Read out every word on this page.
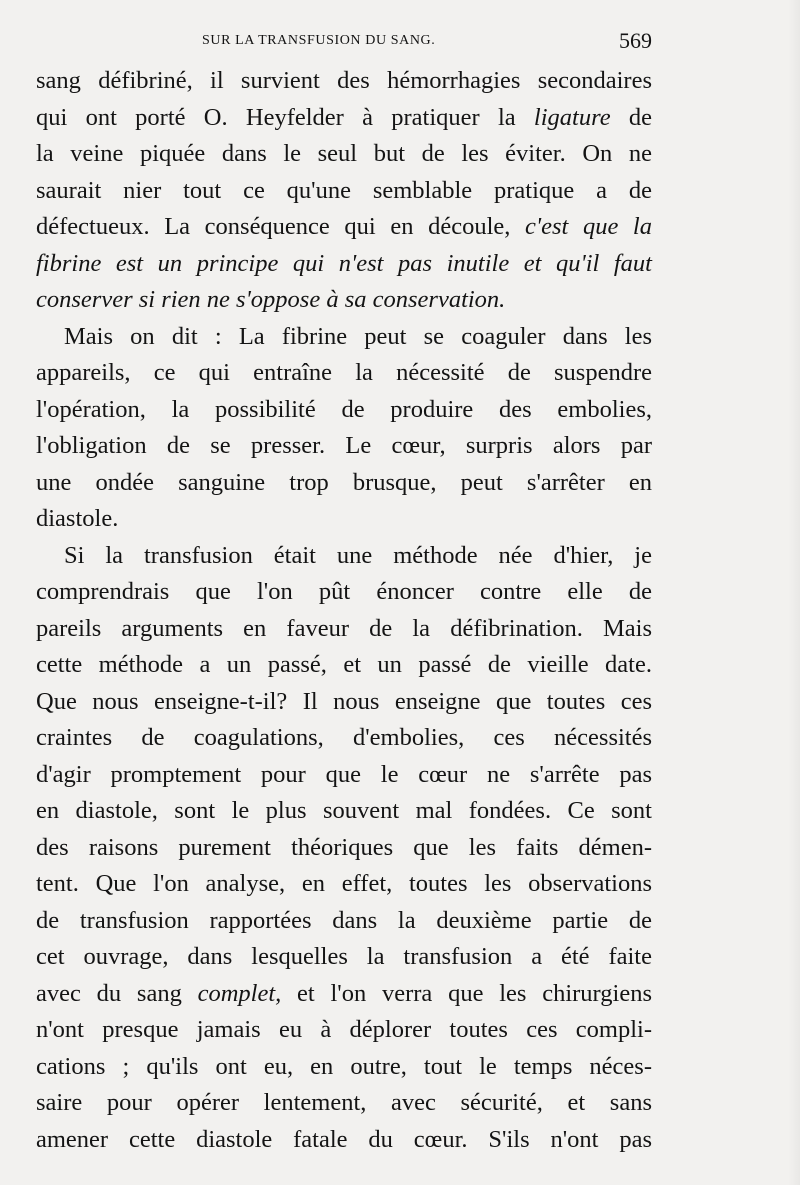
SUR LA TRANSFUSION DU SANG.	569
sang défibriné, il survient des hémorrhagies secondaires
qui ont porté O. Heyfelder à pratiquer la ligature de
la veine piquée dans le seul but de les éviter. On ne
saurait nier tout ce qu'une semblable pratique a de
défectueux. La conséquence qui en découle, c'est que la
fibrine est un principe qui n'est pas inutile et qu'il faut
conserver si rien ne s'oppose à sa conservation.
Mais on dit : La fibrine peut se coaguler dans les
appareils, ce qui entraîne la nécessité de suspendre
l'opération, la possibilité de produire des embolies,
l'obligation de se presser. Le cœur, surpris alors par
une ondée sanguine trop brusque, peut s'arrêter en
diastole.
Si la transfusion était une méthode née d'hier, je
comprendrais que l'on pût énoncer contre elle de
pareils arguments en faveur de la défibrination. Mais
cette méthode a un passé, et un passé de vieille date.
Que nous enseigne-t-il? Il nous enseigne que toutes ces
craintes de coagulations, d'embolies, ces nécessités
d'agir promptement pour que le cœur ne s'arrête pas
en diastole, sont le plus souvent mal fondées. Ce sont
des raisons purement théoriques que les faits démen-
tent. Que l'on analyse, en effet, toutes les observations
de transfusion rapportées dans la deuxième partie de
cet ouvrage, dans lesquelles la transfusion a été faite
avec du sang complet, et l'on verra que les chirurgiens
n'ont presque jamais eu à déplorer toutes ces compli-
cations ; qu'ils ont eu, en outre, tout le temps néces-
saire pour opérer lentement, avec sécurité, et sans
amener cette diastole fatale du cœur. S'ils n'ont pas
